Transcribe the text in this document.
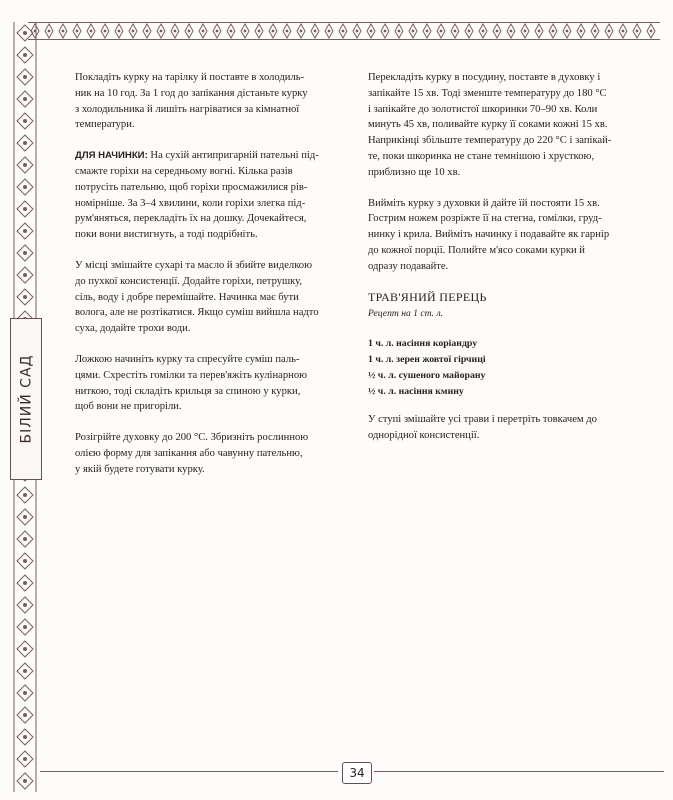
БІЛИЙ САД

Покладіть курку на тарілку й поставте в холодиль-
ник на 10 год. За 1 год до запікання дістаньте курку
з холодильника й лишіть нагріватися за кімнатної
температури.

ДЛЯ НАЧИНКИ: На сухій антипригарній пательні під-
смажте горіхи на середньому вогні. Кілька разів
потрусіть пательню, щоб горіхи просмажилися рів-
номірніше. За 3–4 хвилини, коли горіхи злегка під-
рум'яняться, перекладіть їх на дошку. Дочекайтеся,
поки вони вистигнуть, а тоді подрібніть.

У місці змішайте сухарі та масло й збийте виделкою
до пухкої консистенції. Додайте горіхи, петрушку,
сіль, воду і добре перемішайте. Начинка має бути
волога, але не розтікатися. Якщо суміш вийшла надто
суха, додайте трохи води.

Ложкою начиніть курку та спресуйте суміш паль-
цями. Схрестіть гомілки та перев'яжіть кулінарною
ниткою, тоді складіть крильця за спиною у курки,
щоб вони не пригоріли.

Розігрійте духовку до 200 °С. Збризніть рослинною
олією форму для запікання або чавунну пательню,
у якій будете готувати курку.

Перекладіть курку в посудину, поставте в духовку і
запікайте 15 хв. Тоді зменште температуру до 180 °С
і запікайте до золотистої шкоринки 70–90 хв. Коли
минуть 45 хв, поливайте курку її соками кожні 15 хв.
Наприкінці збільште температуру до 220 °С і запікай-
те, поки шкоринка не стане темнішою і хрусткою,
приблизно ще 10 хв.

Вийміть курку з духовки й дайте їй постояти 15 хв.
Гострим ножем розріжте її на стегна, гомілки, груд-
нинку і крила. Вийміть начинку і подавайте як гарнір
до кожної порції. Полийте м'ясо соками курки й
одразу подавайте.

ТРАВ'ЯНИЙ ПЕРЕЦЬ
Рецепт на 1 ст. л.
1 ч. л. насіння коріандру
1 ч. л. зерен жовтої гірчиці
½ ч. л. сушеного майорану
½ ч. л. насіння кмину

У ступі змішайте усі трави і перетріть товкачем до
однорідної консистенції.

34
